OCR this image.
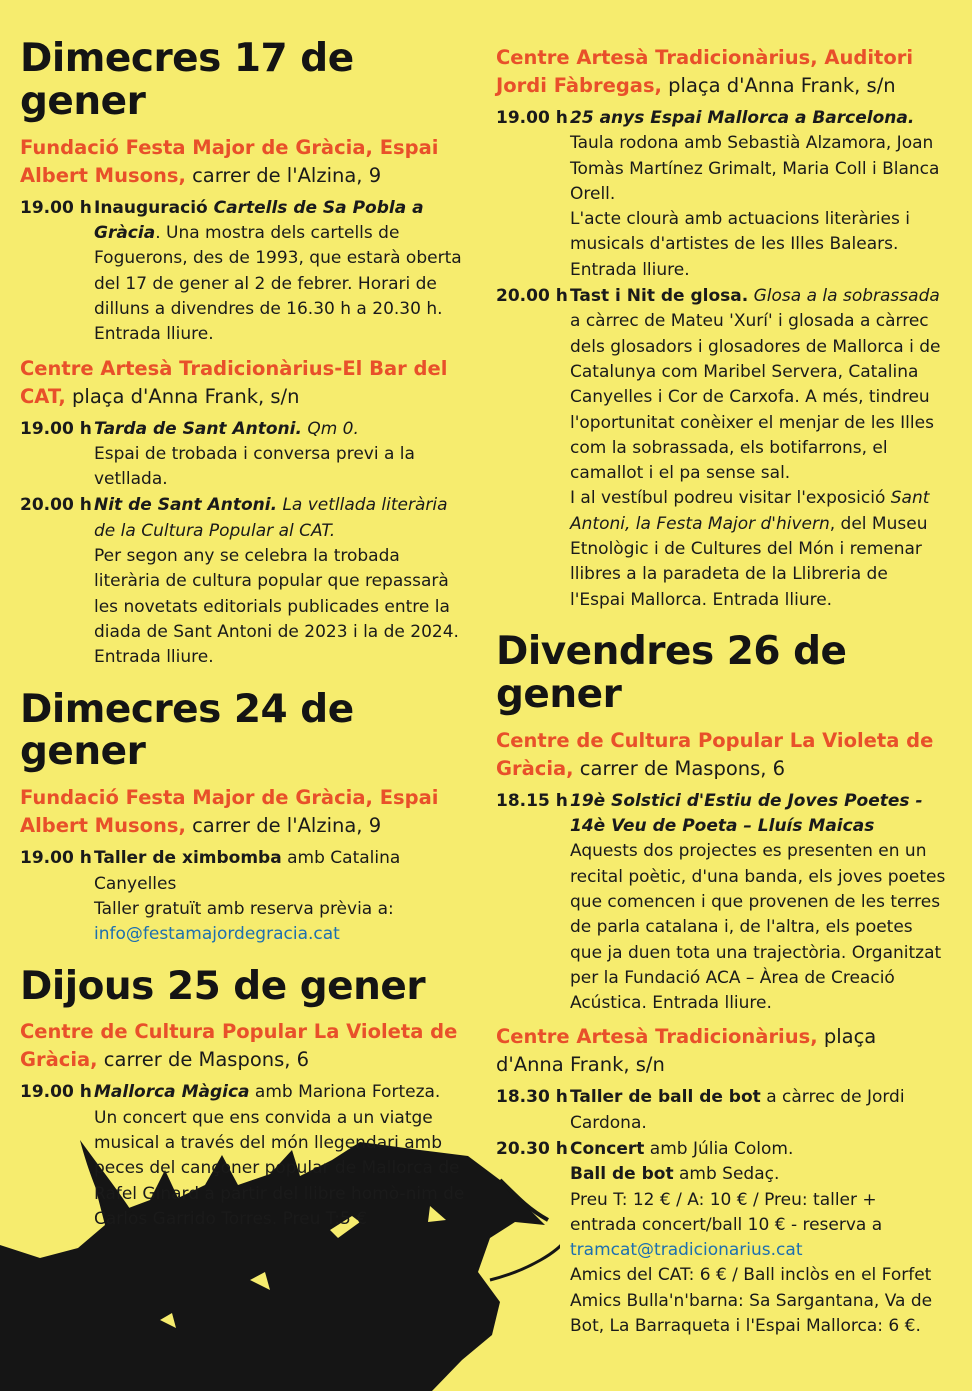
Dimecres 17 de gener
Fundació Festa Major de Gràcia, Espai Albert Musons, carrer de l'Alzina, 9
19.00 h Inauguració Cartells de Sa Pobla a Gràcia. Una mostra dels cartells de Foguerons, des de 1993, que estarà oberta del 17 de gener al 2 de febrer. Horari de dilluns a divendres de 16.30 h a 20.30 h. Entrada lliure.

Centre Artesà Tradicionàrius-El Bar del CAT, plaça d'Anna Frank, s/n
19.00 h Tarda de Sant Antoni. Qm 0.

Espai de trobada i conversa previ a la vetllada.

20.00 h Nit de Sant Antoni. La vetllada literària de la Cultura Popular al CAT.

Per segon any se celebra la trobada literària de cultura popular que repassarà les novetats editorials publicades entre la diada de Sant Antoni de 2023 i la de 2024. Entrada lliure.

Dimecres 24 de gener
Fundació Festa Major de Gràcia, Espai Albert Musons, carrer de l'Alzina, 9
19.00 h Taller de ximbomba amb Catalina Canyelles

Taller gratuït amb reserva prèvia a:

info@festamajordegracia.cat

Dijous 25 de gener
Centre de Cultura Popular La Violeta de Gràcia, carrer de Maspons, 6
19.00 h Mallorca Màgica amb Mariona Forteza.

Un concert que ens convida a un viatge musical a través del món llegendari amb peces del cançoner popular de Mallorca de Rafel Ginard a partir del llibre homò-nim de Carlos Garrido Torres. Preu T:5 €

Centre Artesà Tradicionàrius, Auditori Jordi Fàbregas, plaça d'Anna Frank, s/n
19.00 h 25 anys Espai Mallorca a Barcelona.

Taula rodona amb Sebastià Alzamora, Joan Tomàs Martínez Grimalt, Maria Coll i Blanca Orell.

L'acte clourà amb actuacions literàries i musicals d'artistes de les Illes Balears. Entrada lliure.

20.00 h Tast i Nit de glosa. Glosa a la sobrassada a càrrec de Mateu 'Xurí' i glosada a càrrec dels glosadors i glosadores de Mallorca i de Catalunya com Maribel Servera, Catalina Canyelles i Cor de Carxofa. A més, tindreu l'oportunitat conèixer el menjar de les Illes com la sobrassada, els botifarrons, el camallot i el pa sense sal.

I al vestíbul podreu visitar l'exposició Sant Antoni, la Festa Major d'hivern, del Museu Etnològic i de Cultures del Món i remenar llibres a la paradeta de la Llibreria de l'Espai Mallorca. Entrada lliure.

Divendres 26 de gener
Centre de Cultura Popular La Violeta de Gràcia, carrer de Maspons, 6
18.15 h 19è Solstici d'Estiu de Joves Poetes - 14è Veu de Poeta – Lluís Maicas

Aquests dos projectes es presenten en un recital poètic, d'una banda, els joves poetes que comencen i que provenen de les terres de parla catalana i, de l'altra, els poetes que ja duen tota una trajectòria. Organitzat per la Fundació ACA – Àrea de Creació Acústica. Entrada lliure.

Centre Artesà Tradicionàrius, plaça d'Anna Frank, s/n
18.30 h Taller de ball de bot a càrrec de Jordi Cardona.

20.30 h Concert amb Júlia Colom.

Ball de bot amb Sedaç.

Preu T: 12 € / A: 10 € / Preu: taller + entrada concert/ball 10 € - reserva a

tramcat@tradicionarius.cat

Amics del CAT: 6 € / Ball inclòs en el Forfet Amics Bulla'n'barna: Sa Sargantana, Va de Bot, La Barraqueta i l'Espai Mallorca: 6 €.
